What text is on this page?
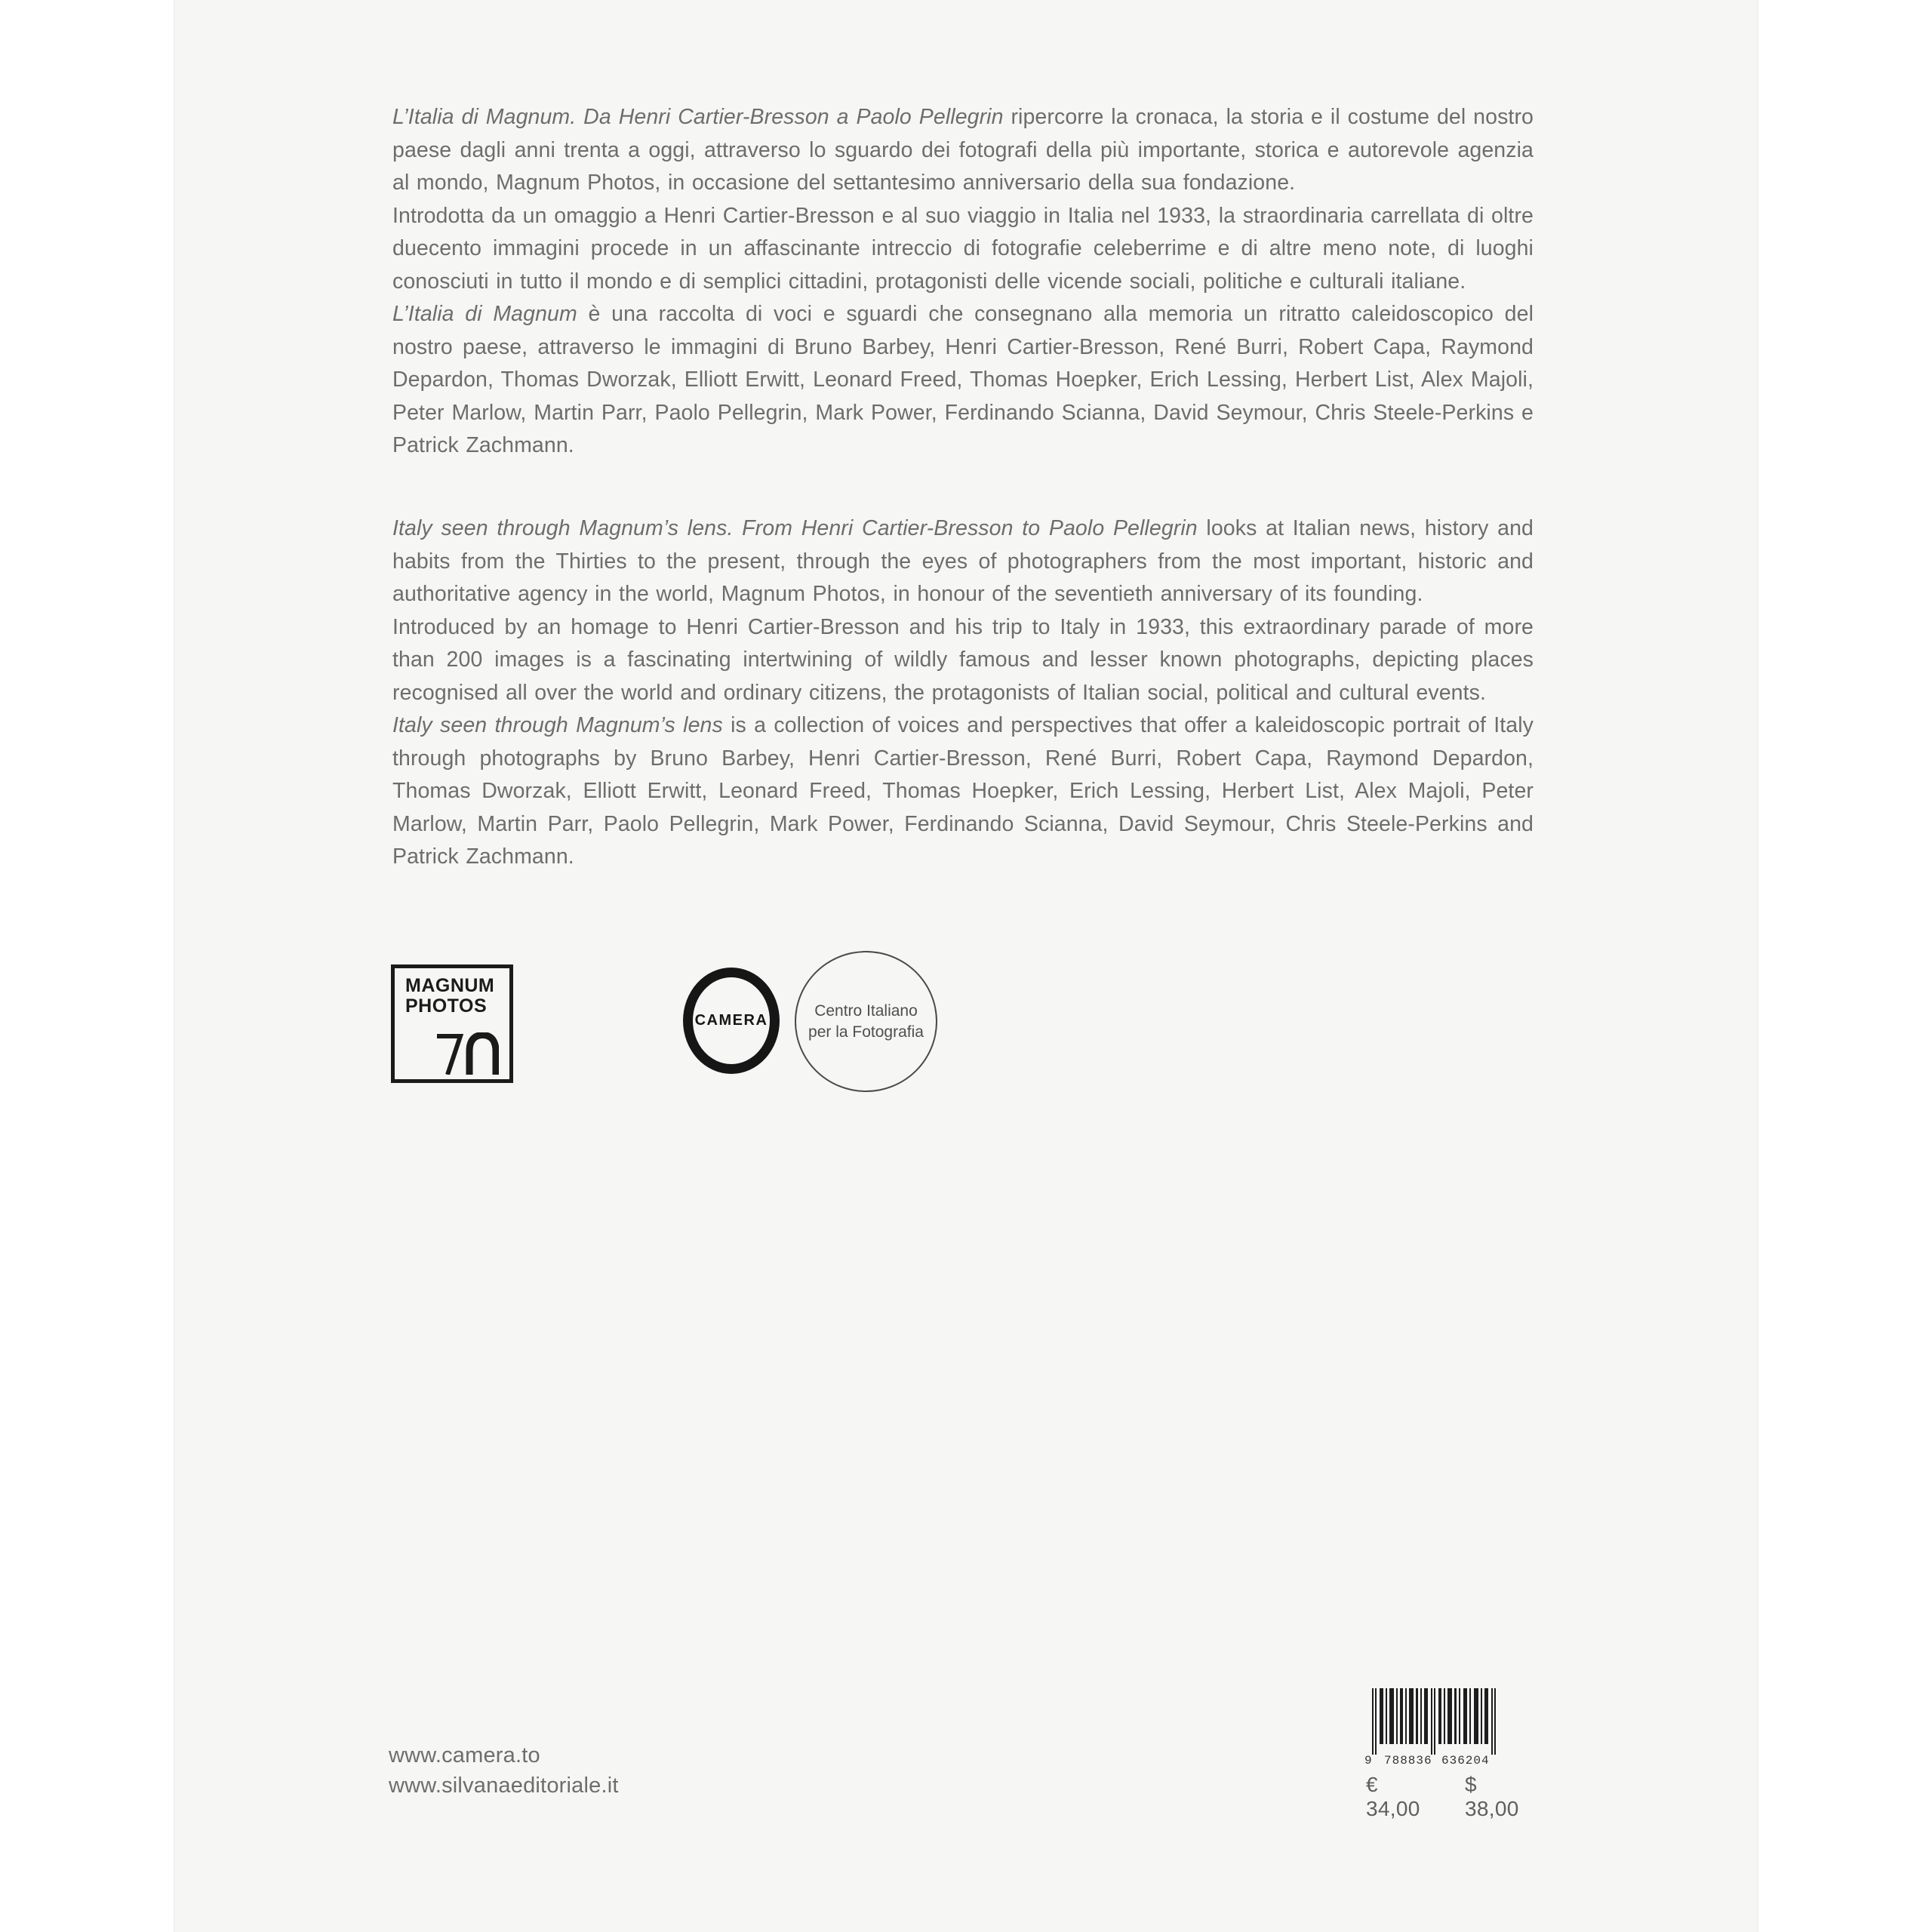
L’Italia di Magnum. Da Henri Cartier-Bresson a Paolo Pellegrin ripercorre la cronaca, la storia e il costume del nostro paese dagli anni trenta a oggi, attraverso lo sguardo dei fotografi della più importante, storica e autorevole agenzia al mondo, Magnum Photos, in occasione del settantesimo anniversario della sua fondazione.

Introdotta da un omaggio a Henri Cartier-Bresson e al suo viaggio in Italia nel 1933, la straordinaria carrellata di oltre duecento immagini procede in un affascinante intreccio di fotografie celeberrime e di altre meno note, di luoghi conosciuti in tutto il mondo e di semplici cittadini, protagonisti delle vicende sociali, politiche e culturali italiane.

L’Italia di Magnum è una raccolta di voci e sguardi che consegnano alla memoria un ritratto caleidoscopico del nostro paese, attraverso le immagini di Bruno Barbey, Henri Cartier-Bresson, René Burri, Robert Capa, Raymond Depardon, Thomas Dworzak, Elliott Erwitt, Leonard Freed, Thomas Hoepker, Erich Lessing, Herbert List, Alex Majoli, Peter Marlow, Martin Parr, Paolo Pellegrin, Mark Power, Ferdinando Scianna, David Seymour, Chris Steele-Perkins e Patrick Zachmann.

Italy seen through Magnum’s lens. From Henri Cartier-Bresson to Paolo Pellegrin looks at Italian news, history and habits from the Thirties to the present, through the eyes of photographers from the most important, historic and authoritative agency in the world, Magnum Photos, in honour of the seventieth anniversary of its founding.

Introduced by an homage to Henri Cartier-Bresson and his trip to Italy in 1933, this extraordinary parade of more than 200 images is a fascinating intertwining of wildly famous and lesser known photographs, depicting places recognised all over the world and ordinary citizens, the protagonists of Italian social, political and cultural events.

Italy seen through Magnum’s lens is a collection of voices and perspectives that offer a kaleidoscopic portrait of Italy through photographs by Bruno Barbey, Henri Cartier-Bresson, René Burri, Robert Capa, Raymond Depardon, Thomas Dworzak, Elliott Erwitt, Leonard Freed, Thomas Hoepker, Erich Lessing, Herbert List, Alex Majoli, Peter Marlow, Martin Parr, Paolo Pellegrin, Mark Power, Ferdinando Scianna, David Seymour, Chris Steele-Perkins and Patrick Zachmann.

MAGNUM
PHOTOS
CAMERA
Centro Italiano
per la Fotografia
www.camera.to
www.silvanaeditoriale.it
9 788836 636204
€ 34,00
$ 38,00
